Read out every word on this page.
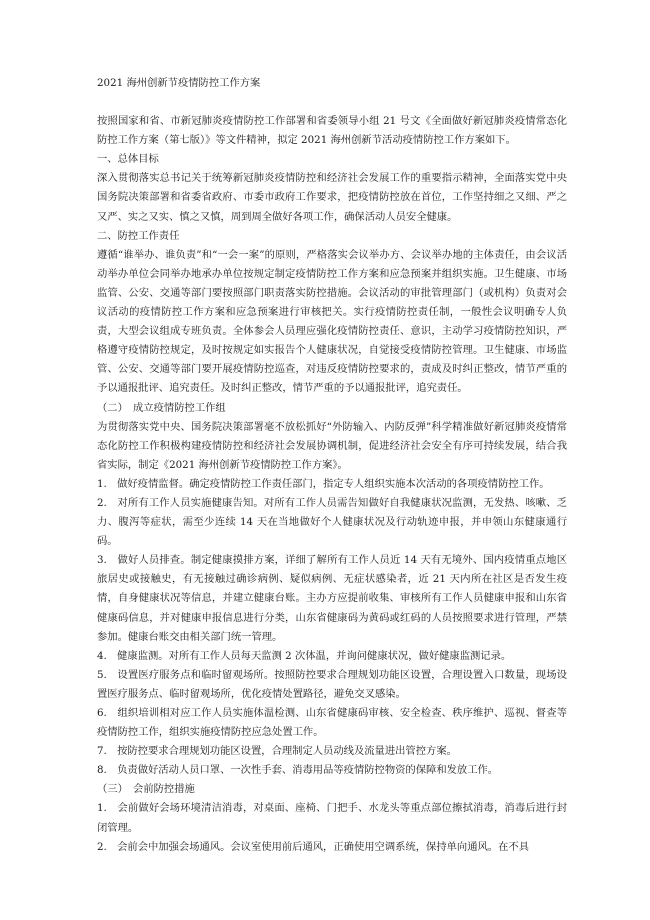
2021 海州创新节疫情防控工作方案

按照国家和省、市新冠肺炎疫情防控工作部署和省委领导小组 21 号文《全面做好新冠肺炎疫情常态化防控工作方案（第七版）》等文件精神，拟定 2021 海州创新节活动疫情防控工作方案如下。

一、总体目标

深入贯彻落实总书记关于统筹新冠肺炎疫情防控和经济社会发展工作的重要指示精神，全面落实党中央国务院决策部署和省委省政府、市委市政府工作要求，把疫情防控放在首位，工作坚持细之又细、严之又严、实之又实、慎之又慎，周到周全做好各项工作，确保活动人员安全健康。

二、防控工作责任

遵循“谁举办、谁负责”和“一会一案”的原则，严格落实会议举办方、会议举办地的主体责任，由会议活动举办单位会同举办地承办单位按规定制定疫情防控工作方案和应急预案并组织实施。卫生健康、市场监管、公安、交通等部门要按照部门职责落实防控措施。会议活动的审批管理部门（或机构）负责对会议活动的疫情防控工作方案和应急预案进行审核把关。实行疫情防控责任制，一般性会议明确专人负责，大型会议组成专班负责。全体参会人员理应强化疫情防控责任、意识，主动学习疫情防控知识，严格遵守疫情防控规定，及时按规定如实报告个人健康状况，自觉接受疫情防控管理。卫生健康、市场监管、公安、交通等部门要开展疫情防控巡查，对违反疫情防控要求的，责成及时纠正整改，情节严重的予以通报批评、追究责任。及时纠正整改，情节严重的予以通报批评，追究责任。

（二）　成立疫情防控工作组

为贯彻落实党中央、国务院决策部署毫不放松抓好“外防输入、内防反弹”科学精准做好新冠肺炎疫情常态化防控工作积极构建疫情防控和经济社会发展协调机制，促进经济社会安全有序可持续发展，结合我省实际，制定《2021 海州创新节疫情防控工作方案》。

1.　做好疫情监督。确定疫情防控工作责任部门，指定专人组织实施本次活动的各项疫情防控工作。

2.　对所有工作人员实施健康告知。对所有工作人员需告知做好自我健康状况监测，无发热、咳嗽、乏力、腹泻等症状，需至少连续 14 天在当地做好个人健康状况及行动轨迹申报，并申领山东健康通行码。

3.　做好人员排查。制定健康摸排方案，详细了解所有工作人员近 14 天有无境外、国内疫情重点地区旅居史或接触史，有无接触过确诊病例、疑似病例、无症状感染者，近 21 天内所在社区是否发生疫情，自身健康状况等信息，并建立健康台账。主办方应提前收集、审核所有工作人员健康申报和山东省健康码信息，并对健康申报信息进行分类，山东省健康码为黄码或红码的人员按照要求进行管理，严禁参加。健康台账交由相关部门统一管理。

4.　健康监测。对所有工作人员每天监测 2 次体温，并询问健康状况，做好健康监测记录。

5.　设置医疗服务点和临时留观场所。按照防控要求合理规划功能区设置，合理设置入口数量，现场设置医疗服务点、临时留观场所，优化疫情处置路径，避免交叉感染。

6.　组织培训相对应工作人员实施体温检测、山东省健康码审核、安全检查、秩序维护、巡视、督查等疫情防控工作，组织实施疫情防控应急处置工作。

7.　按防控要求合理规划功能区设置，合理制定人员动线及流量进出管控方案。

8.　负责做好活动人员口罩、一次性手套、消毒用品等疫情防控物资的保障和发放工作。

（三）　会前防控措施

1.　会前做好会场环境清洁消毒，对桌面、座椅、门把手、水龙头等重点部位擦拭消毒，消毒后进行封闭管理。

2.　会前会中加强会场通风。会议室使用前后通风，正确使用空调系统，保持单向通风。在不具
